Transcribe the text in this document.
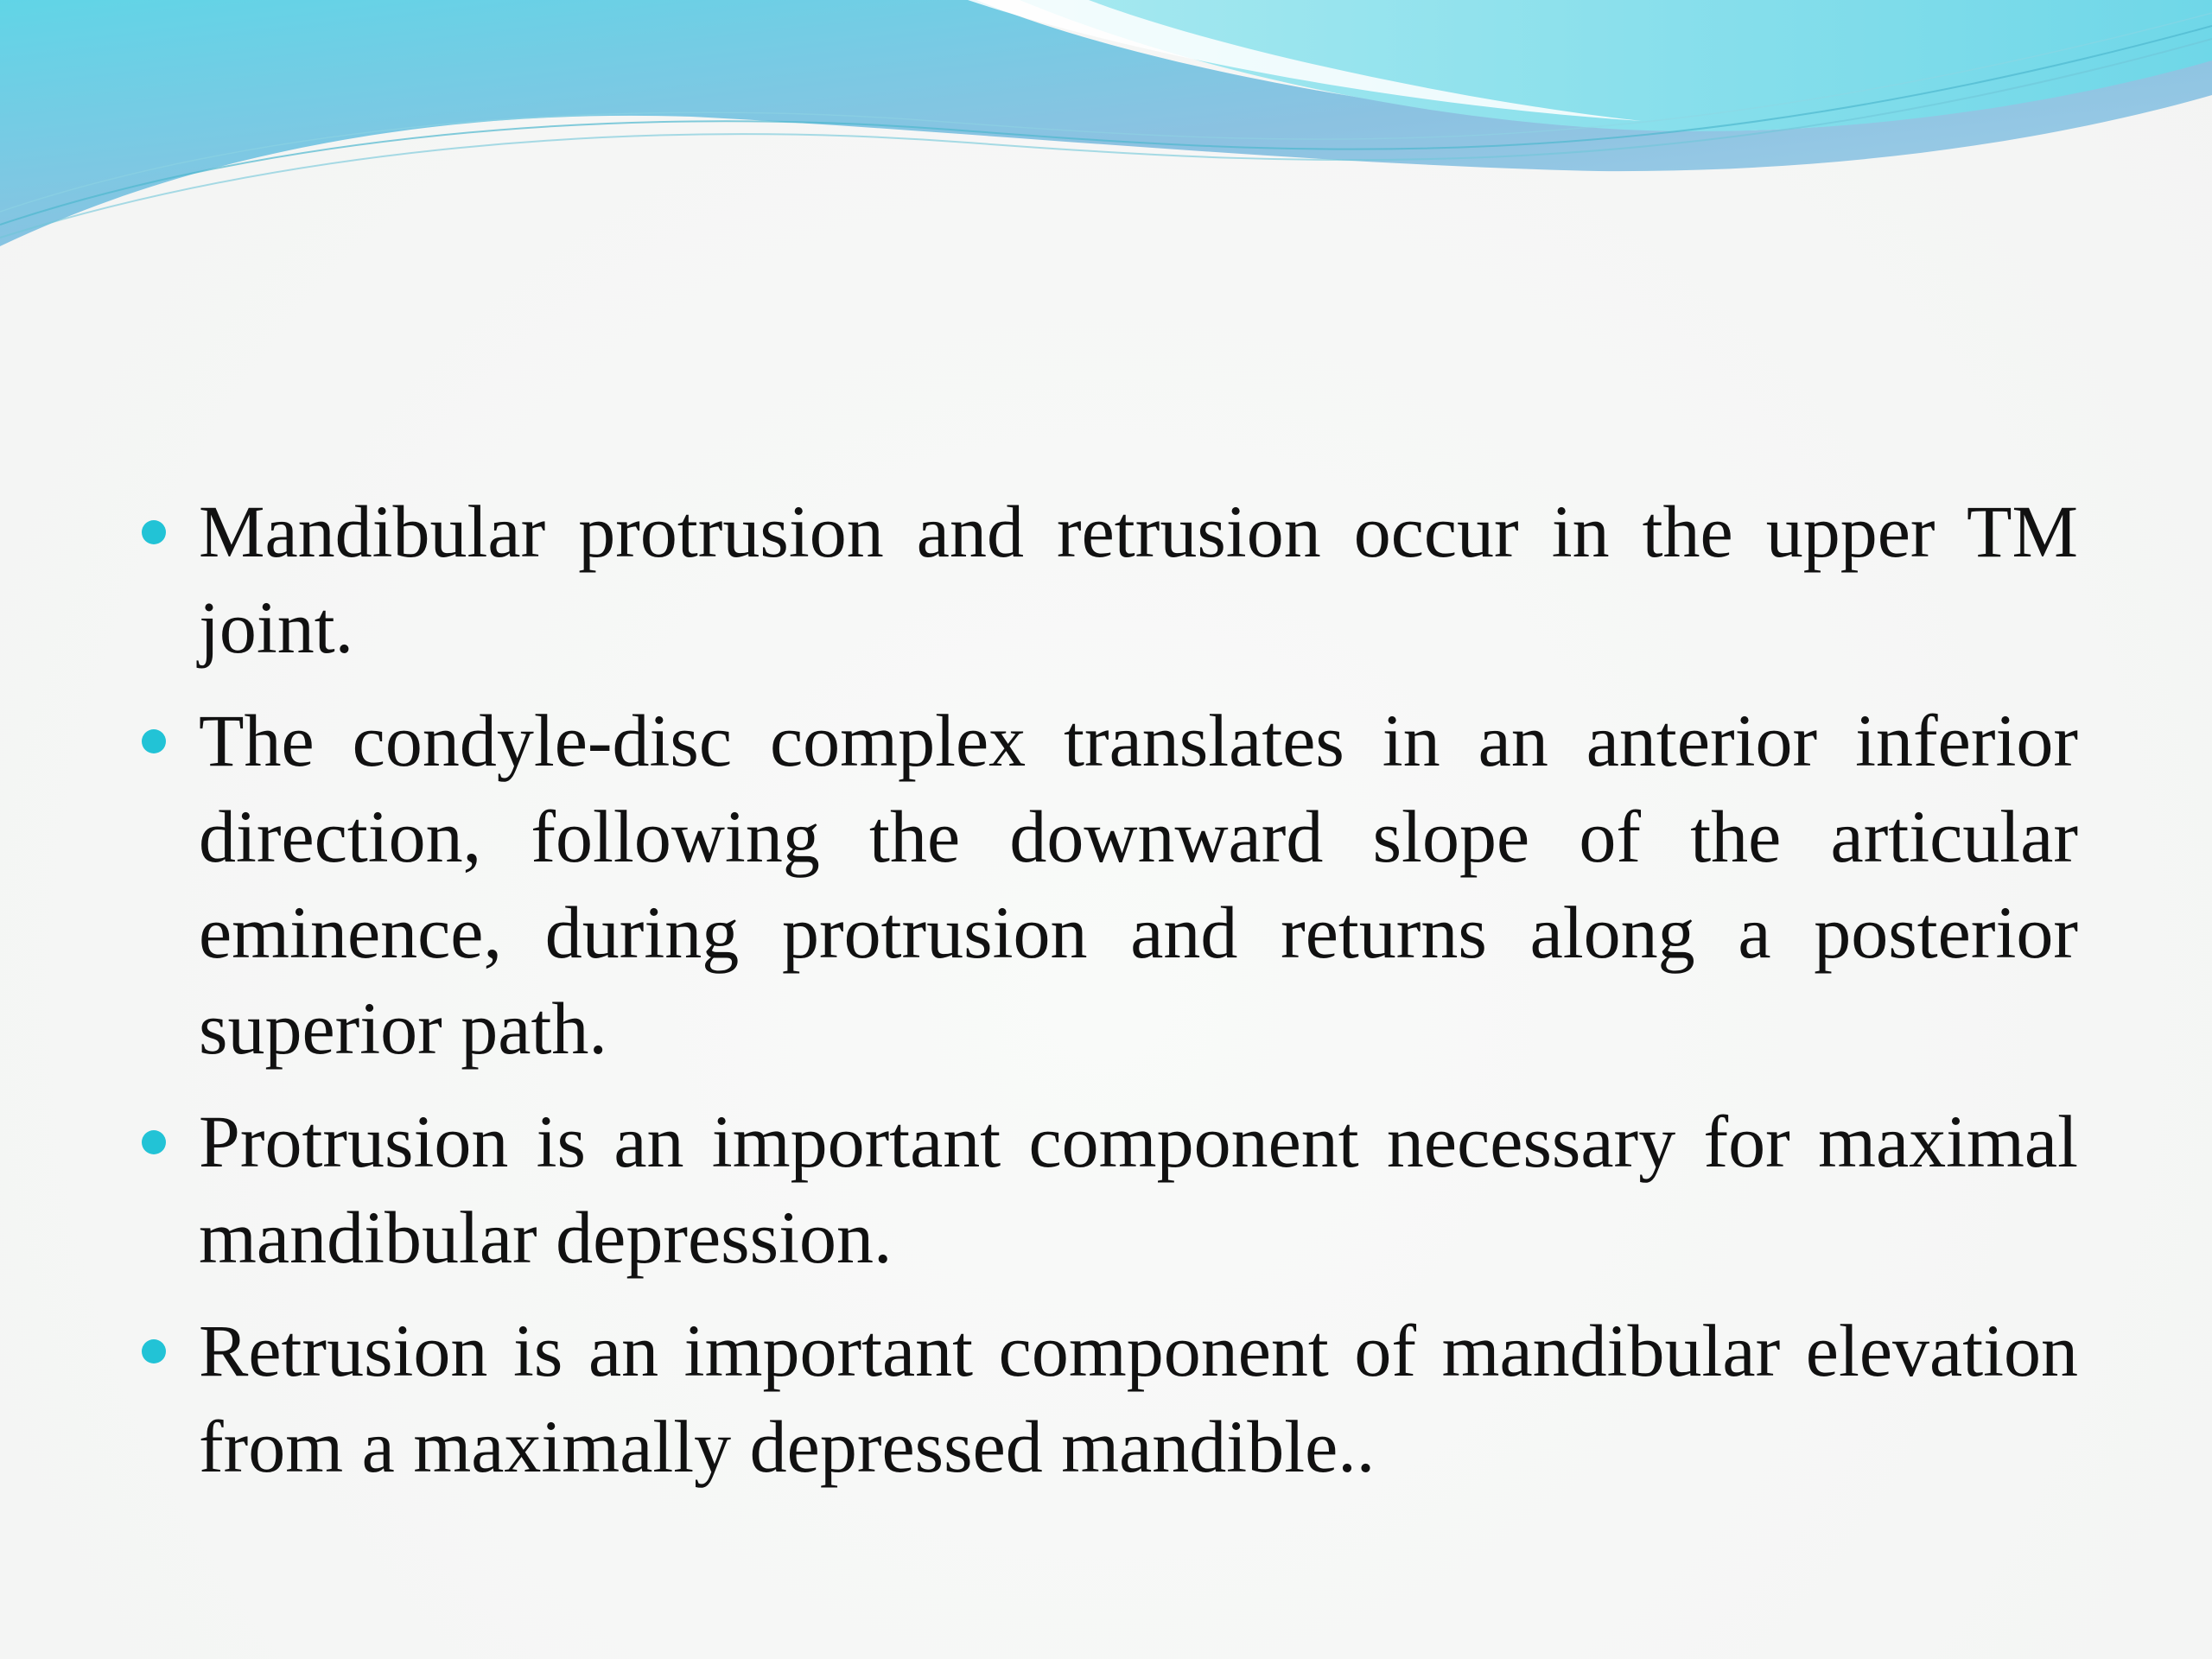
Mandibular protrusion and retrusion occur in the upper TM joint.
The condyle-disc complex translates in an anterior inferior direction, following the downward slope of the articular eminence, during protrusion and returns along a posterior superior path.
Protrusion is an important component necessary for maximal mandibular depression.
Retrusion is an important component of mandibular elevation from a maximally depressed mandible..
